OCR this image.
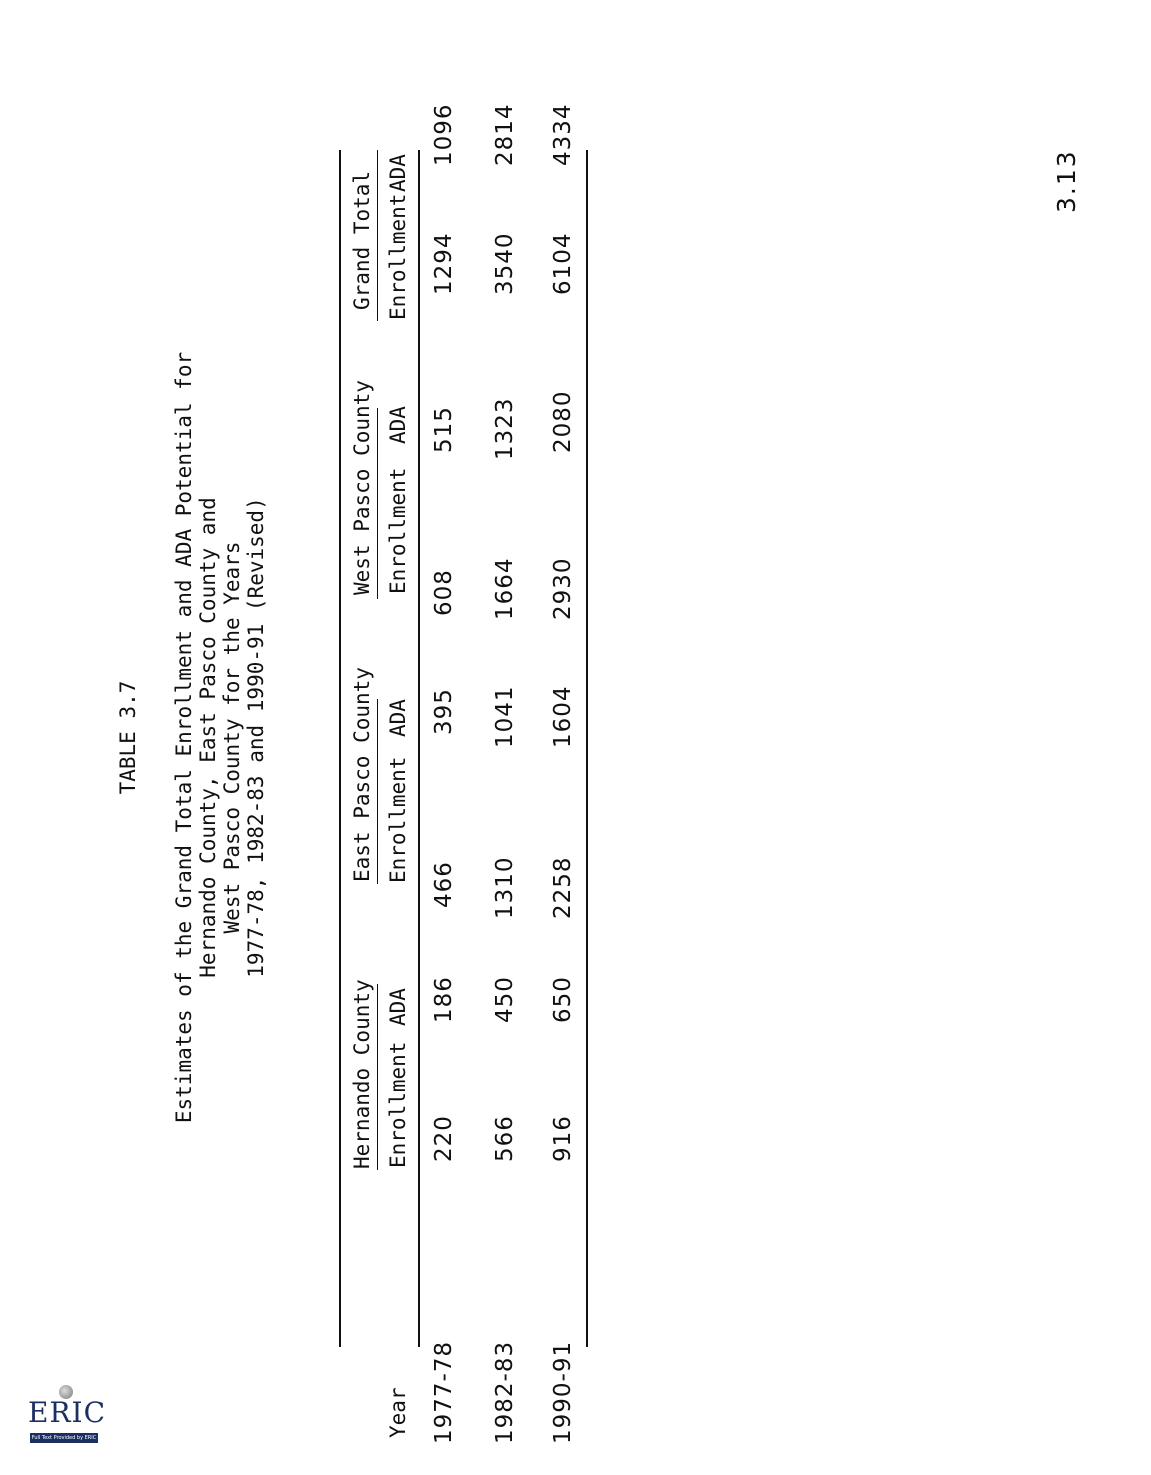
TABLE 3.7 Estimates of the Grand Total Enrollment and ADA Potential for Hernando County, East Pasco County and West Pasco County for the Years 1977-78, 1982-83 and 1990-91 (Revised)
Hernando County
East Pasco County
West Pasco County
Grand Total
Year
Enrollment
ADA
Enrollment
ADA
Enrollment
ADA
Enrollment
ADA
1977-78
220
186
466
395
608
515
1294
1096
1982-83
566
450
1310
1041
1664
1323
3540
2814
1990-91
916
650
2258
1604
2930
2080
6104
4334
3.13
ERIC
Full Text Provided by ERIC
